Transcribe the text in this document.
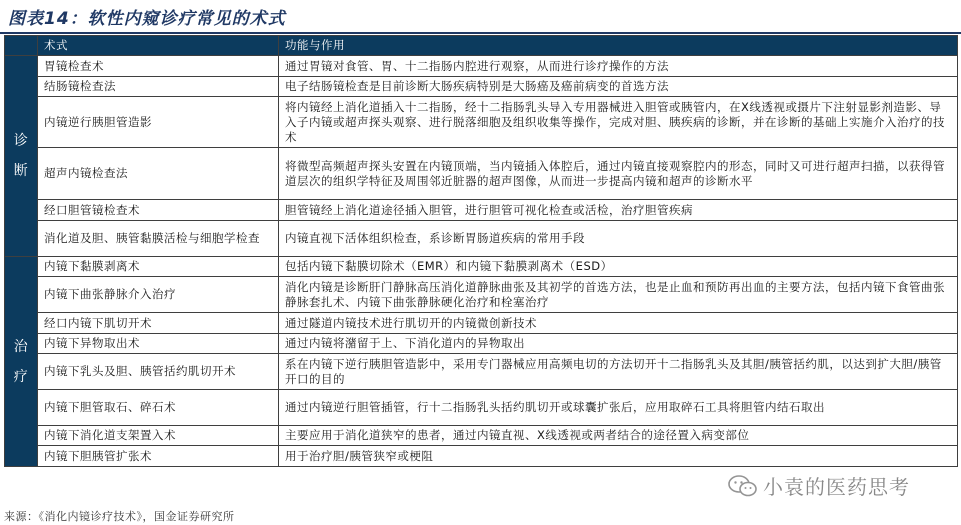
图表14：软性内窥诊疗常见的术式
	术式	功能与作用

诊断	胃镜检查术	通过胃镜对食管、胃、十二指肠内腔进行观察，从而进行诊疗操作的方法
	结肠镜检查法	电子结肠镜检查是目前诊断大肠疾病特别是大肠癌及癌前病变的首选方法
	内镜逆行胰胆管造影	将内镜经上消化道插入十二指肠，经十二指肠乳头导入专用器械进入胆管或胰管内，在X线透视或摄片下注射显影剂造影、导入子内镜或超声探头观察、进行脱落细胞及组织收集等操作，完成对胆、胰疾病的诊断，并在诊断的基础上实施介入治疗的技术
	超声内镜检查法	将微型高频超声探头安置在内镜顶端，当内镜插入体腔后，通过内镜直接观察腔内的形态，同时又可进行超声扫描，以获得管道层次的组织学特征及周围邻近脏器的超声图像，从而进一步提高内镜和超声的诊断水平
	经口胆管镜检查术	胆管镜经上消化道途径插入胆管，进行胆管可视化检查或活检，治疗胆管疾病
	消化道及胆、胰管黏膜活检与细胞学检查	内镜直视下活体组织检查，系诊断胃肠道疾病的常用手段

治疗	内镜下黏膜剥离术	包括内镜下黏膜切除术（EMR）和内镜下黏膜剥离术（ESD）
	内镜下曲张静脉介入治疗	消化内镜是诊断肝门静脉高压消化道静脉曲张及其初学的首选方法，也是止血和预防再出血的主要方法，包括内镜下食管曲张静脉套扎术、内镜下曲张静脉硬化治疗和栓塞治疗
	经口内镜下肌切开术	通过隧道内镜技术进行肌切开的内镜微创新技术
	内镜下异物取出术	通过内镜将潴留于上、下消化道内的异物取出
	内镜下乳头及胆、胰管括约肌切开术	系在内镜下逆行胰胆管造影中，采用专门器械应用高频电切的方法切开十二指肠乳头及其胆/胰管括约肌，以达到扩大胆/胰管开口的目的
	内镜下胆管取石、碎石术	通过内镜逆行胆管插管，行十二指肠乳头括约肌切开或球囊扩张后，应用取碎石工具将胆管内结石取出
	内镜下消化道支架置入术	主要应用于消化道狭窄的患者，通过内镜直视、X线透视或两者结合的途径置入病变部位
	内镜下胆胰管扩张术	用于治疗胆/胰管狭窄或梗阻
小袁的医药思考
来源：《消化内镜诊疗技术》，国金证券研究所
